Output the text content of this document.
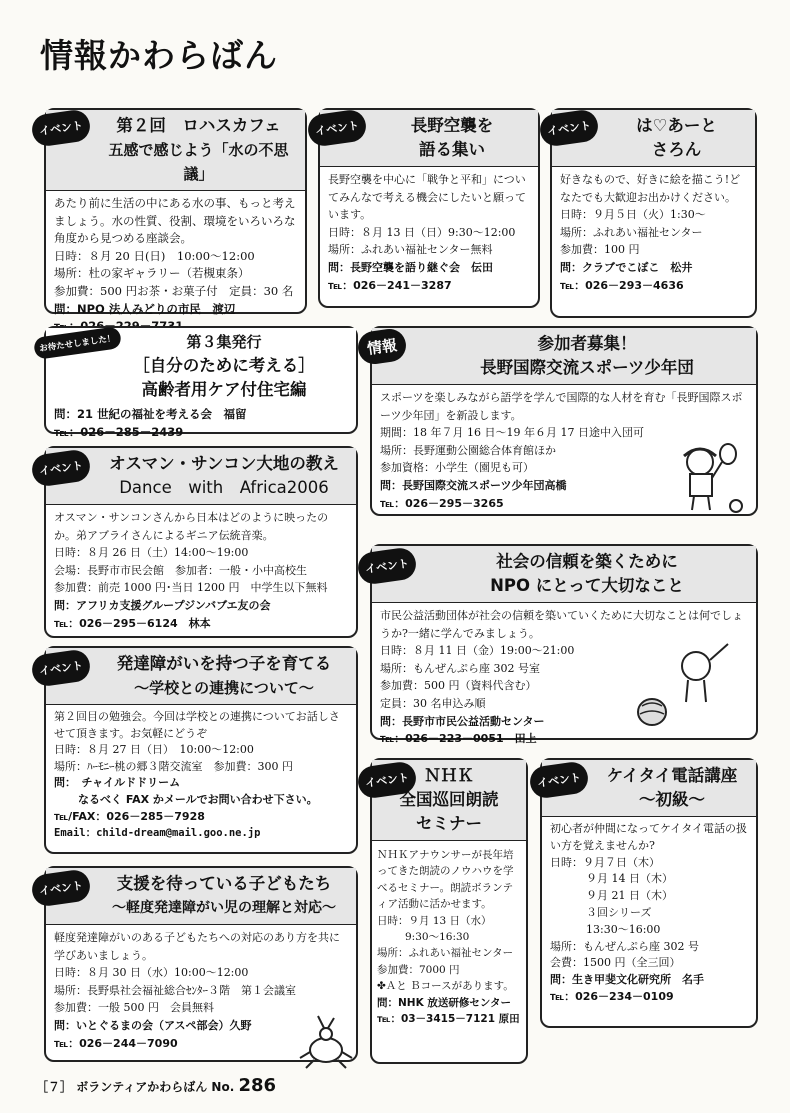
情報かわらばん
イベント	第２回　ロハスカフェ
五感で感じよう「水の不思議」
あたり前に生活の中にある水の事、もっと考えましょう。水の性質、役割、環境をいろいろな角度から見つめる座談会。
日時：８月 20 日(日)　10:00～12:00
場所：杜の家ギャラリー（若槻東条）
参加費：500 円お茶・お菓子付　定員：30 名
問：NPO 法人みどりの市民　渡辺
イベント	長野空襲を
語る集い
長野空襲を中心に「戦争と平和」についてみんなで考える機会にしたいと願っています。
日時：８月 13 日（日）9:30～12:00
場所：ふれあい福祉センター無料
問：長野空襲を語り継ぐ会　伝田
℡：026－241－3287
イベント	は♡あーと
さろん
好きなもので、好きに絵を描こう!どなたでも大歓迎お出かけください。
日時：９月５日（火）1:30～
場所：ふれあい福祉センター
参加費：100 円
問：クラブでこぼこ　松井
℡：026－293－4636
お待たせしました！	第３集発行
［自分のために考える］
高齢者用ケア付住宅編
問：21 世紀の福祉を考える会　福留
℡：026－285－2439
情報	参加者募集！
長野国際交流スポーツ少年団
スポーツを楽しみながら語学を学んで国際的な人材を育む「長野国際スポーツ少年団」を新設します。
期間：18 年７月 16 日～19 年６月 17 日途中入団可
場所：長野運動公園総合体育館ほか
参加資格：小学生（園児も可）
問：長野国際交流スポーツ少年団高橋
℡：026－295－3265
イベント	オスマン・サンコン大地の教え
Dance　with　Africa2006
オスマン・サンコンさんから日本はどのように映ったのか。弟アブライさんによるギニア伝統音楽。
日時：８月 26 日（土）14:00～19:00
会場：長野市市民会館　参加者：一般・小中高校生
参加費：前売 1000 円･当日 1200 円　中学生以下無料
問：アフリカ支援グループジンバブエ友の会
℡：026－295－6124　林本
イベント	社会の信頼を築くために
NPO にとって大切なこと
市民公益活動団体が社会の信頼を築いていくために大切なことは何でしょうか?一緒に学んでみましょう。
日時：８月 11 日（金）19:00～21:00
場所：もんぜんぷら座 302 号室
参加費：500 円（資料代含む）
定員：30 名申込み順
問：長野市市民公益活動センター
℡：026－223－0051　田上
イベント	発達障がいを持つ子を育てる
～学校との連携について～
第２回目の勉強会。今回は学校との連携についてお話しさせて頂きます。お気軽にどうぞ
日時：８月 27 日（日）　10:00～12:00
場所：ﾊｰﾓﾆｰ桃の郷３階交流室　参加費：300 円
問：　チャイルドドリーム
なるべく FAX かメールでお問い合わせ下さい。
℡/FAX：026－285－7928
Email：child-dream@mail.goo.ne.jp
イベント ＮＨＫ
全国巡回朗読
セミナー
ＮＨＫアナウンサーが長年培ってきた朗読のノウハウを学べるセミナー。朗読ボランティア活動に活かせます。
日時：９月 13 日（水）
9:30～16:30
場所：ふれあい福祉センター
参加費：7000 円
✤Ａと Ｂコースがあります。
問：NHK 放送研修センター
℡：03－3415－7121 原田
イベント	ケイタイ電話講座
～初級～
初心者が仲間になってケイタイ電話の扱い方を覚えませんか?
日時：９月７日（木）
９月 14 日（木）
９月 21 日（木）
３回シリーズ
13:30～16:00
場所：もんぜんぷら座 302 号
会費：1500 円（全三回）
問：生き甲斐文化研究所　名手
℡：026－234－0109
イベント	支援を待っている子どもたち
～軽度発達障がい児の理解と対応～
軽度発達障がいのある子どもたちへの対応のあり方を共に学びあいましょう。
日時：８月 30 日（水）10:00～12:00
場所：長野県社会福祉総合ｾﾝﾀｰ３階　第１会議室
参加費：一般 500 円　会員無料
問：いとぐるまの会（アスペ部会）久野
℡：026－244－7090
［７］ ボランティアかわらばん No. 286
